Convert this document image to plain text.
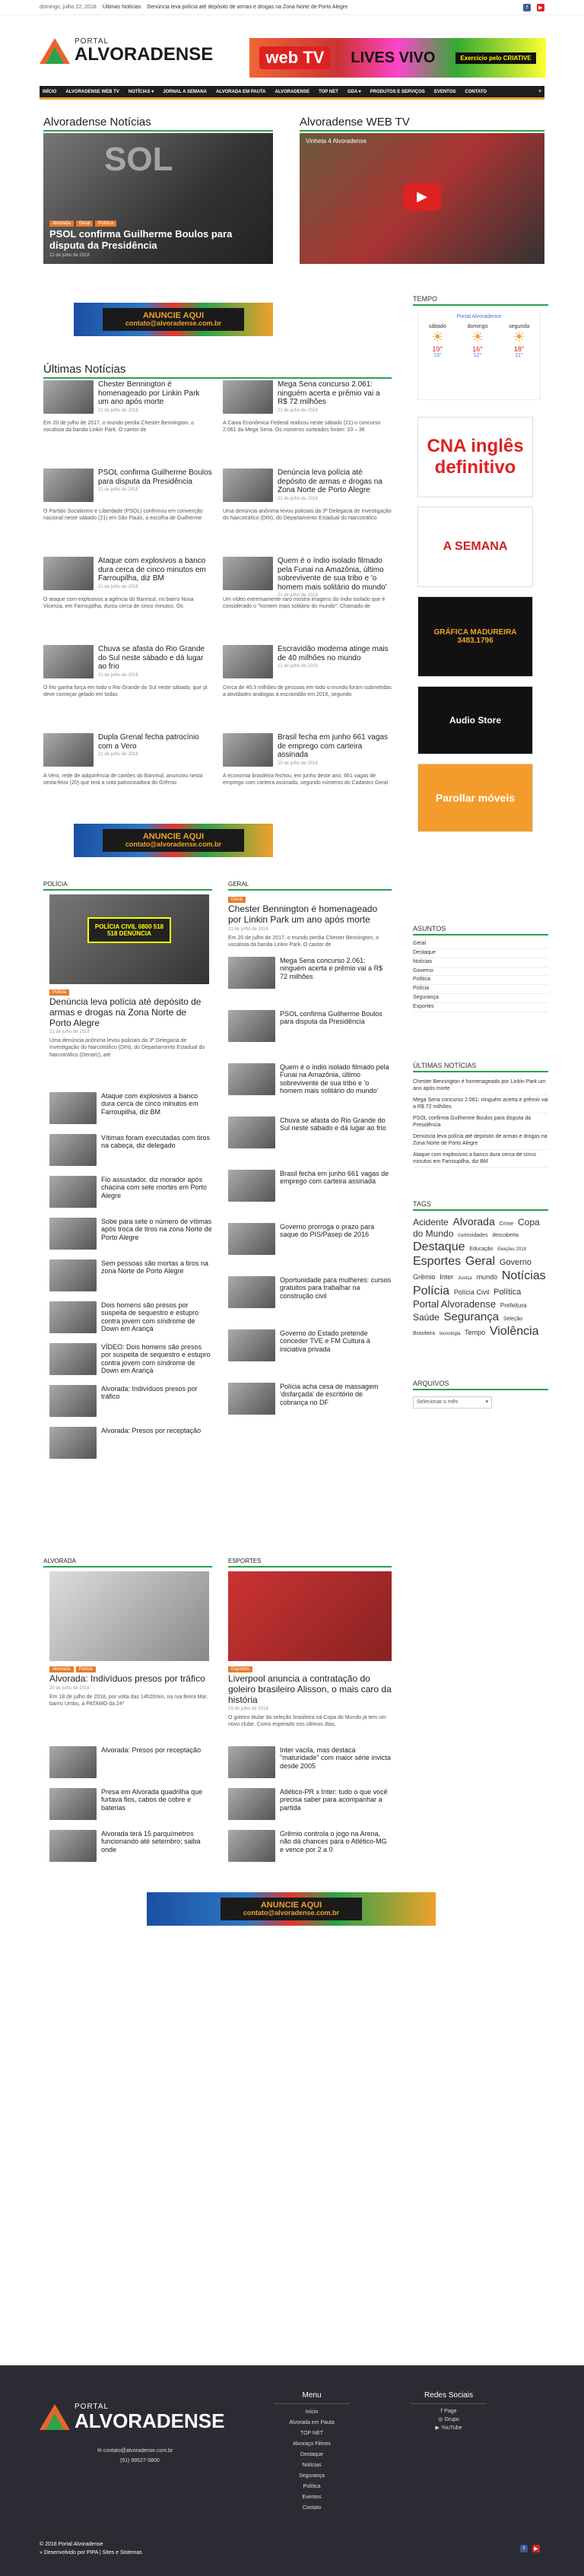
domingo, julho 22, 2018 Últimas Notícias Denúncia leva polícia até depósito de armas e drogas na Zona Norte de Porto Alegre	f	▶
PORTAL
ALVORADENSE	web TV	LIVES VIVO	Exercício pelo CRIATIVE
INÍCIO ALVORADENSE WEB TV NOTÍCIAS ▾ JORNAL A SEMANA ALVORADA EM PAUTA ALVORADENSE TOP NET GDA ▾ PRODUTOS E SERVIÇOS EVENTOS CONTATO	⌕
Alvoradense Notícias
SOL
Alvorada Geral Política
PSOL confirma Guilherme Boulos para disputa da Presidência
21 de julho de 2018
Alvoradense WEB TV
Vinheta 4 Alvoradense
▶
ANUNCIE AQUI
contato@alvoradense.com.br
Últimas Notícias
Chester Bennington é homenageado por Linkin Park um ano após morte
21 de julho de 2018
Em 20 de julho de 2017, o mundo perdia Chester Bennington, o vocalista da banda Linkin Park. O cantor de
PSOL confirma Guilherme Boulos para disputa da Presidência
21 de julho de 2018
O Partido Socialismo e Liberdade (PSOL) confirmou em convenção nacional neste sábado (21) em São Paulo, a escolha de Guilherme
Ataque com explosivos a banco dura cerca de cinco minutos em Farroupilha, diz BM
21 de julho de 2018
O ataque com explosivos a agência do Banrisul, no bairro Nova Vicenza, em Farroupilha, durou cerca de cinco minutos. Os
Chuva se afasta do Rio Grande do Sul neste sábado e dá lugar ao frio
21 de julho de 2018
O frio ganha força em todo o Rio Grande do Sul neste sábado, que já deve começar gelado em todas
Dupla Grenal fecha patrocínio com a Vero
21 de julho de 2018
A Vero, rede de adquirência de cartões do Banrisul, anunciou nesta sexta-feira (20) que terá a cota patrocinadora do Grêmio
Mega Sena concurso 2.061: ninguém acerta e prêmio vai a R$ 72 milhões
21 de julho de 2018
A Caixa Econômica Federal realizou neste sábado (21) o concurso 2.061 da Mega Sena. Os números sorteados foram: 33 – 36
Denúncia leva polícia até depósito de armas e drogas na Zona Norte de Porto Alegre
21 de julho de 2018
Uma denúncia anônima levou policiais da 3ª Delegacia de Investigação do Narcotráfico (DIN), do Departamento Estadual do Narcotráfico
Quem é o índio isolado filmado pela Funai na Amazônia, último sobrevivente de sua tribo e 'o homem mais solitário do mundo'
21 de julho de 2018
Um vídeo extremamente raro mostra imagens do índio isolado que é considerado o "homem mais solitário do mundo". Chamado de
Escravidão moderna atinge mais de 40 milhões no mundo
21 de julho de 2018
Cerca de 40,3 milhões de pessoas em todo o mundo foram submetidas a atividades análogas à escravidão em 2016, segundo
Brasil fecha em junho 661 vagas de emprego com carteira assinada
20 de julho de 2018
A economia brasileira fechou, em junho deste ano, 661 vagas de emprego com carteira assinada, segundo números do Cadastro Geral
ANUNCIE AQUI
contato@alvoradense.com.br
POLÍCIA
POLÍCIA CIVIL 0800 518 518 DENÚNCIA
Polícia
Denúncia leva polícia até depósito de armas e drogas na Zona Norte de Porto Alegre
21 de julho de 2018
Uma denúncia anônima levou policiais da 3ª Delegacia de Investigação do Narcotráfico (DIN), do Departamento Estadual do Narcotráfico (Denarc), até
Ataque com explosivos a banco dura cerca de cinco minutos em Farroupilha, diz BM
Vítimas foram executadas com tiros na cabeça, diz delegado
Fio assustador, diz morador após chacina com sete mortes em Porto Alegre
Sobe para sete o número de vítimas após troca de tiros na zona Norte de Porto Alegre
Sem pessoas são mortas a tiros na zona Norte de Porto Alegre
Dois homens são presos por suspeita de sequestro e estupro contra jovem com síndrome de Down em Arariçá
VÍDEO: Dois homens são presos por suspeita de sequestro e estupro contra jovem com síndrome de Down em Arariçá
Alvorada: Indivíduos presos por tráfico
Alvorada: Presos por receptação
GERAL
Geral
Chester Bennington é homenageado por Linkin Park um ano após morte
21 de julho de 2018
Em 20 de julho de 2017, o mundo perdia Chester Bennington, o vocalista da banda Linkin Park. O cantor de
Mega Sena concurso 2.061: ninguém acerta e prêmio vai a R$ 72 milhões
PSOL confirma Guilherme Boulos para disputa da Presidência
Quem é o índio isolado filmado pela Funai na Amazônia, último sobrevivente de sua tribo e 'o homem mais solitário do mundo'
Chuva se afasta do Rio Grande do Sul neste sábado e dá lugar ao frio
Brasil fecha em junho 661 vagas de emprego com carteira assinada
Governo prorroga o prazo para saque do PIS/Pasep de 2016
Oportunidade para mulheres: cursos gratuitos para trabalhar na construção civil
Governo do Estado pretende conceder TVE e FM Cultura à iniciativa privada
Polícia acha cesa de massagem 'disfarçada' de escritório de cobrança no DF
ALVORADA
Alvorada Polícia
Alvorada: Indivíduos presos por tráfico
20 de julho de 2018
Em 18 de julho de 2018, por volta das 14h20min, na rua Beira Mar, bairro Umbu, a PATAMO da 24º
Alvorada: Presos por receptação
Presa em Alvorada quadrilha que furtava fios, cabos de cobre e baterias
Alvorada terá 15 parquímetros funcionando até setembro; saiba onde
ESPORTES
Esportes
Liverpool anuncia a contratação do goleiro brasileiro Alisson, o mais caro da história
19 de julho de 2018
O goleiro titular da seleção brasileira na Copa do Mundo já tem um novo clube. Como esperado nos últimos dias,
Inter vacila, mas destaca "maturidade" com maior série invicta desde 2005
Atlético-PR x Inter: tudo o que você precisa saber para acompanhar a partida
Grêmio controla o jogo na Arena, não dá chances para o Atlético-MG e vence por 2 a 0
ANUNCIE AQUI
contato@alvoradense.com.br
TEMPO
Portal Alvoradense
sábado
☀
19°
13°
domingo
☀
16°
12°
segunda
☀
18°
11°
CNA inglês definitivo
A SEMANA
GRÁFICA MADUREIRA 3483.1796
Audio Store
Parollar móveis
ASUNTOS
Geral
Destaque
Notícias
Governo
Política
Polícia
Segurança
Esportes
ÚLTIMAS NOTÍCIAS
Chester Bennington é homenageado por Linkin Park um ano após morte
Mega Sena concurso 2.061: ninguém acerta e prêmio vai a R$ 72 milhões
PSOL confirma Guilherme Boulos para disputa da Presidência
Denúncia leva polícia até depósito de armas e drogas na Zona Norte de Porto Alegre
Ataque com explosivos a banco dura cerca de cinco minutos em Farroupilha, diz BM
TAGS
Acidente Alvorada Crime Copa do Mundo curiosidades descoberta Destaque Educação Eleições 2018 Esportes Geral Governo Grêmio Inter Justiça mundo Notícias Polícia Polícia Civil Política Portal Alvoradense Prefeitura Saúde Segurança Seleção Brasileira tecnologia Tempo Violência
ARQUIVOS
Selecionar o mês	▾
PORTAL
ALVORADENSE
✉ contato@alvoradense.com.br
(51) 99527-5800
Menu
Início
Alvorada em Pauta
TOP NET
Alvoraço Filmes
Destaque
Notícias
Segurança
Política
Eventos
Contato
Redes Sociais
f Page
◎ Grupo
▶ YouTube
© 2018 Portal Alvoradense
» Desenvolvido por PIPA | Sites e Sistemas
f	▶
